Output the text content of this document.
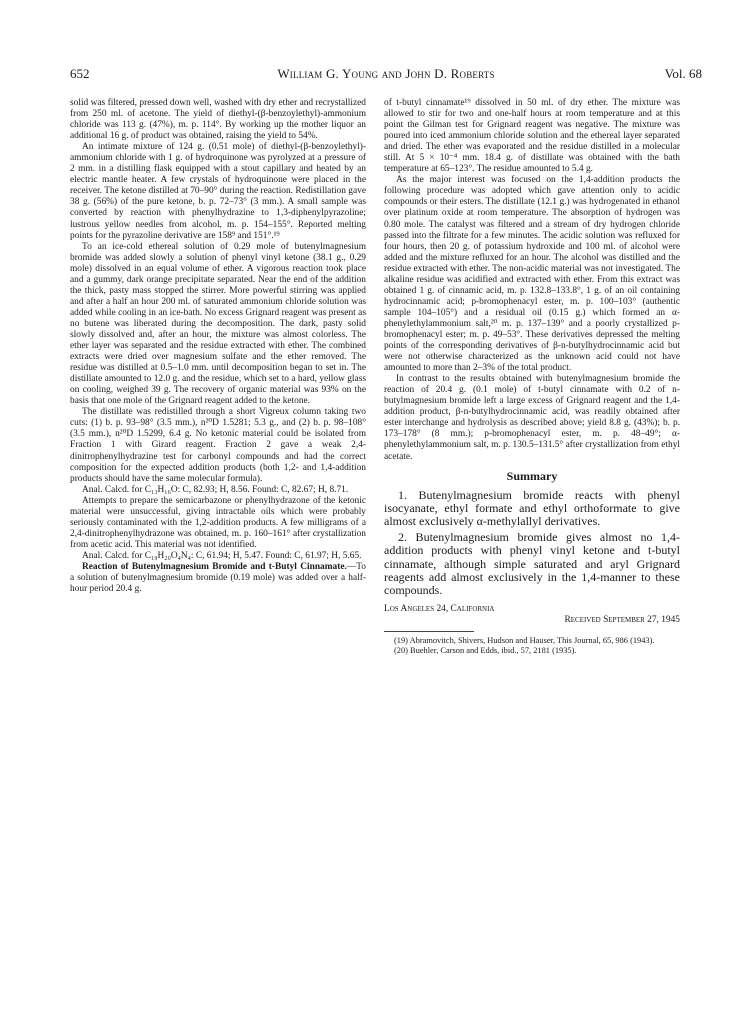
652	William G. Young and John D. Roberts	Vol. 68

solid was filtered, pressed down well, washed with dry ether and recrystallized from 250 ml. of acetone. The yield of diethyl-(β-benzoylethyl)-ammonium chloride was 113 g. (47%), m. p. 114°. By working up the mother liquor an additional 16 g. of product was obtained, raising the yield to 54%.

An intimate mixture of 124 g. (0.51 mole) of diethyl-(β-benzoylethyl)-ammonium chloride with 1 g. of hydroquinone was pyrolyzed at a pressure of 2 mm. in a distilling flask equipped with a stout capillary and heated by an electric mantle heater. A few crystals of hydroquinone were placed in the receiver. The ketone distilled at 70–90° during the reaction. Redistillation gave 38 g. (56%) of the pure ketone, b. p. 72–73° (3 mm.). A small sample was converted by reaction with phenylhydrazine to 1,3-diphenylpyrazoline; lustrous yellow needles from alcohol, m. p. 154–155°. Reported melting points for the pyrazoline derivative are 158⁹ and 151°.¹⁹

To an ice-cold ethereal solution of 0.29 mole of butenylmagnesium bromide was added slowly a solution of phenyl vinyl ketone (38.1 g., 0.29 mole) dissolved in an equal volume of ether. A vigorous reaction took place and a gummy, dark orange precipitate separated. Near the end of the addition the thick, pasty mass stopped the stirrer. More powerful stirring was applied and after a half an hour 200 ml. of saturated ammonium chloride solution was added while cooling in an ice-bath. No excess Grignard reagent was present as no butene was liberated during the decomposition. The dark, pasty solid slowly dissolved and, after an hour, the mixture was almost colorless. The ether layer was separated and the residue extracted with ether. The combined extracts were dried over magnesium sulfate and the ether removed. The residue was distilled at 0.5–1.0 mm. until decomposition began to set in. The distillate amounted to 12.0 g. and the residue, which set to a hard, yellow glass on cooling, weighed 39 g. The recovery of organic material was 93% on the basis that one mole of the Grignard reagent added to the ketone.

The distillate was redistilled through a short Vigreux column taking two cuts: (1) b. p. 93–98° (3.5 mm.), n²⁰D 1.5281; 5.3 g., and (2) b. p. 98–108° (3.5 mm.), n²⁰D 1.5299, 6.4 g. No ketonic material could be isolated from Fraction 1 with Girard reagent. Fraction 2 gave a weak 2,4-dinitrophenylhydrazine test for carbonyl compounds and had the correct composition for the expected addition products (both 1,2- and 1,4-addition products should have the same molecular formula).

Anal. Calcd. for C₁₃H₁₆O: C, 82.93; H, 8.56. Found: C, 82.67; H, 8.71.

Attempts to prepare the semicarbazone or phenylhydrazone of the ketonic material were unsuccessful, giving intractable oils which were probably seriously contaminated with the 1,2-addition products. A few milligrams of a 2,4-dinitrophenylhydrazone was obtained, m. p. 160–161° after crystallization from acetic acid. This material was not identified.

Anal. Calcd. for C₁₉H₂₀O₄N₄: C, 61.94; H, 5.47. Found: C, 61.97; H, 5.65.

Reaction of Butenylmagnesium Bromide and t-Butyl Cinnamate.—To a solution of butenylmagnesium bromide (0.19 mole) was added over a half-hour period 20.4 g.

of t-butyl cinnamate¹⁹ dissolved in 50 ml. of dry ether. The mixture was allowed to stir for two and one-half hours at room temperature and at this point the Gilman test for Grignard reagent was negative. The mixture was poured into iced ammonium chloride solution and the ethereal layer separated and dried. The ether was evaporated and the residue distilled in a molecular still. At 5 × 10⁻⁴ mm. 18.4 g. of distillate was obtained with the bath temperature at 65–123°. The residue amounted to 5.4 g.

As the major interest was focused on the 1,4-addition products the following procedure was adopted which gave attention only to acidic compounds or their esters. The distillate (12.1 g.) was hydrogenated in ethanol over platinum oxide at room temperature. The absorption of hydrogen was 0.80 mole. The catalyst was filtered and a stream of dry hydrogen chloride passed into the filtrate for a few minutes. The acidic solution was refluxed for four hours, then 20 g. of potassium hydroxide and 100 ml. of alcohol were added and the mixture refluxed for an hour. The alcohol was distilled and the residue extracted with ether. The non-acidic material was not investigated. The alkaline residue was acidified and extracted with ether. From this extract was obtained 1 g. of cinnamic acid, m. p. 132.8–133.8°, 1 g. of an oil containing hydrocinnamic acid; p-bromophenacyl ester, m. p. 100–103° (authentic sample 104–105°) and a residual oil (0.15 g.) which formed an α-phenylethylammonium salt,²⁰ m. p. 137–139° and a poorly crystallized p-bromophenacyl ester; m. p. 49–53°. These derivatives depressed the melting points of the corresponding derivatives of β-n-butylhydrocinnamic acid but were not otherwise characterized as the unknown acid could not have amounted to more than 2–3% of the total product.

In contrast to the results obtained with butenylmagnesium bromide the reaction of 20.4 g. (0.1 mole) of t-butyl cinnamate with 0.2 of n-butylmagnesium bromide left a large excess of Grignard reagent and the 1,4-addition product, β-n-butylhydrocinnamic acid, was readily obtained after ester interchange and hydrolysis as described above; yield 8.8 g. (43%); b. p. 173–178° (8 mm.); p-bromophenacyl ester, m. p. 48–49°; α-phenylethylammonium salt, m. p. 130.5–131.5° after crystallization from ethyl acetate.

Summary

1. Butenylmagnesium bromide reacts with phenyl isocyanate, ethyl formate and ethyl orthoformate to give almost exclusively α-methylallyl derivatives.

2. Butenylmagnesium bromide gives almost no 1,4-addition products with phenyl vinyl ketone and t-butyl cinnamate, although simple saturated and aryl Grignard reagents add almost exclusively in the 1,4-manner to these compounds.

Los Angeles 24, California
Received September 27, 1945

(19) Abramovitch, Shivers, Hudson and Hauser, This Journal, 65, 986 (1943).

(20) Buehler, Carson and Edds, ibid., 57, 2181 (1935).
